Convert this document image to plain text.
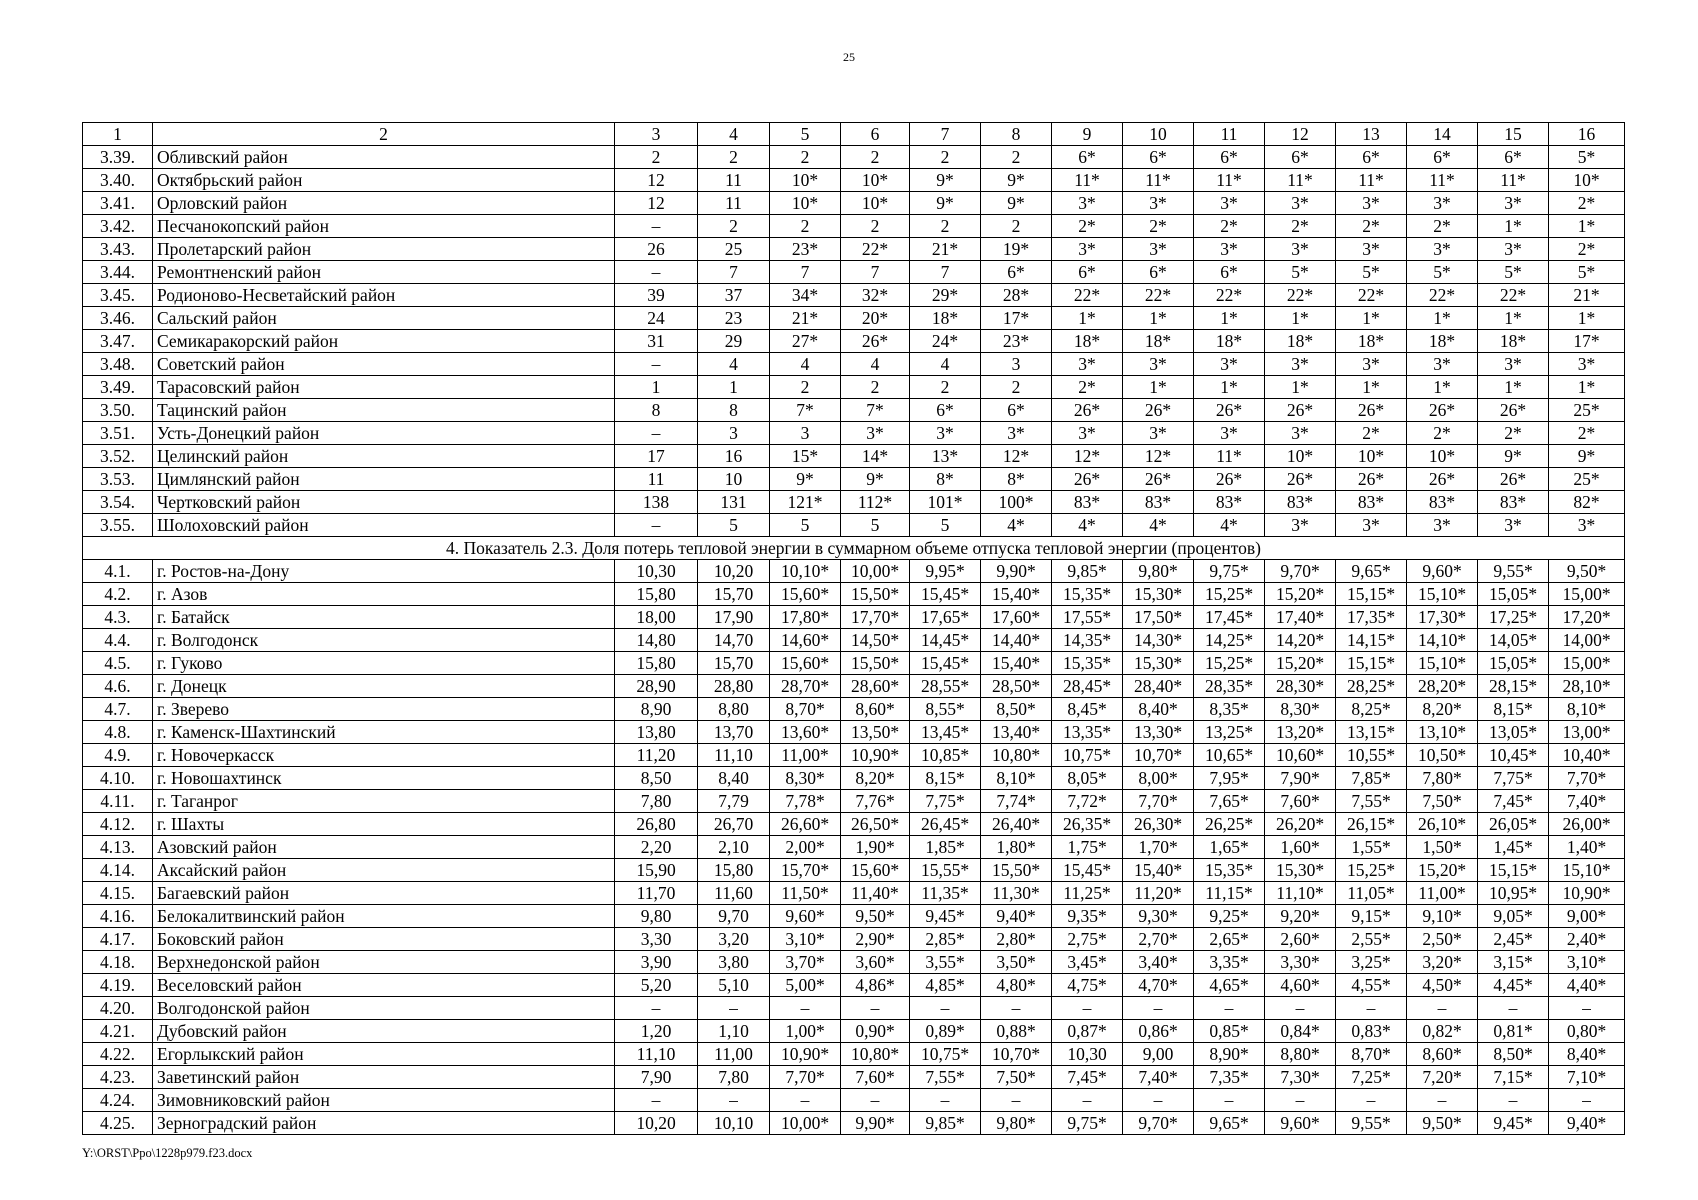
25
1	2	3	4	5	6	7	8	9	10	11	12	13	14	15	16
3.39.	Обливский район	2	2	2	2	2	2	6*	6*	6*	6*	6*	6*	6*	5*
3.40.	Октябрьский район	12	11	10*	10*	9*	9*	11*	11*	11*	11*	11*	11*	11*	10*
3.41.	Орловский район	12	11	10*	10*	9*	9*	3*	3*	3*	3*	3*	3*	3*	2*
3.42.	Песчанокопский район	–	2	2	2	2	2	2*	2*	2*	2*	2*	2*	1*	1*
3.43.	Пролетарский район	26	25	23*	22*	21*	19*	3*	3*	3*	3*	3*	3*	3*	2*
3.44.	Ремонтненский район	–	7	7	7	7	6*	6*	6*	6*	5*	5*	5*	5*	5*
3.45.	Родионово-Несветайский район	39	37	34*	32*	29*	28*	22*	22*	22*	22*	22*	22*	22*	21*
3.46.	Сальский район	24	23	21*	20*	18*	17*	1*	1*	1*	1*	1*	1*	1*	1*
3.47.	Семикаракорский район	31	29	27*	26*	24*	23*	18*	18*	18*	18*	18*	18*	18*	17*
3.48.	Советский район	–	4	4	4	4	3	3*	3*	3*	3*	3*	3*	3*	3*
3.49.	Тарасовский район	1	1	2	2	2	2	2*	1*	1*	1*	1*	1*	1*	1*
3.50.	Тацинский район	8	8	7*	7*	6*	6*	26*	26*	26*	26*	26*	26*	26*	25*
3.51.	Усть-Донецкий район	–	3	3	3*	3*	3*	3*	3*	3*	3*	2*	2*	2*	2*
3.52.	Целинский район	17	16	15*	14*	13*	12*	12*	12*	11*	10*	10*	10*	9*	9*
3.53.	Цимлянский район	11	10	9*	9*	8*	8*	26*	26*	26*	26*	26*	26*	26*	25*
3.54.	Чертковский район	138	131	121*	112*	101*	100*	83*	83*	83*	83*	83*	83*	83*	82*
3.55.	Шолоховский район	–	5	5	5	5	4*	4*	4*	4*	3*	3*	3*	3*	3*
4. Показатель 2.3. Доля потерь тепловой энергии в суммарном объеме отпуска тепловой энергии (процентов)															
4.1.	г. Ростов-на-Дону	10,30	10,20	10,10*	10,00*	9,95*	9,90*	9,85*	9,80*	9,75*	9,70*	9,65*	9,60*	9,55*	9,50*
4.2.	г. Азов	15,80	15,70	15,60*	15,50*	15,45*	15,40*	15,35*	15,30*	15,25*	15,20*	15,15*	15,10*	15,05*	15,00*
4.3.	г. Батайск	18,00	17,90	17,80*	17,70*	17,65*	17,60*	17,55*	17,50*	17,45*	17,40*	17,35*	17,30*	17,25*	17,20*
4.4.	г. Волгодонск	14,80	14,70	14,60*	14,50*	14,45*	14,40*	14,35*	14,30*	14,25*	14,20*	14,15*	14,10*	14,05*	14,00*
4.5.	г. Гуково	15,80	15,70	15,60*	15,50*	15,45*	15,40*	15,35*	15,30*	15,25*	15,20*	15,15*	15,10*	15,05*	15,00*
4.6.	г. Донецк	28,90	28,80	28,70*	28,60*	28,55*	28,50*	28,45*	28,40*	28,35*	28,30*	28,25*	28,20*	28,15*	28,10*
4.7.	г. Зверево	8,90	8,80	8,70*	8,60*	8,55*	8,50*	8,45*	8,40*	8,35*	8,30*	8,25*	8,20*	8,15*	8,10*
4.8.	г. Каменск-Шахтинский	13,80	13,70	13,60*	13,50*	13,45*	13,40*	13,35*	13,30*	13,25*	13,20*	13,15*	13,10*	13,05*	13,00*
4.9.	г. Новочеркасск	11,20	11,10	11,00*	10,90*	10,85*	10,80*	10,75*	10,70*	10,65*	10,60*	10,55*	10,50*	10,45*	10,40*
4.10.	г. Новошахтинск	8,50	8,40	8,30*	8,20*	8,15*	8,10*	8,05*	8,00*	7,95*	7,90*	7,85*	7,80*	7,75*	7,70*
4.11.	г. Таганрог	7,80	7,79	7,78*	7,76*	7,75*	7,74*	7,72*	7,70*	7,65*	7,60*	7,55*	7,50*	7,45*	7,40*
4.12.	г. Шахты	26,80	26,70	26,60*	26,50*	26,45*	26,40*	26,35*	26,30*	26,25*	26,20*	26,15*	26,10*	26,05*	26,00*
4.13.	Азовский район	2,20	2,10	2,00*	1,90*	1,85*	1,80*	1,75*	1,70*	1,65*	1,60*	1,55*	1,50*	1,45*	1,40*
4.14.	Аксайский район	15,90	15,80	15,70*	15,60*	15,55*	15,50*	15,45*	15,40*	15,35*	15,30*	15,25*	15,20*	15,15*	15,10*
4.15.	Багаевский район	11,70	11,60	11,50*	11,40*	11,35*	11,30*	11,25*	11,20*	11,15*	11,10*	11,05*	11,00*	10,95*	10,90*
4.16.	Белокалитвинский район	9,80	9,70	9,60*	9,50*	9,45*	9,40*	9,35*	9,30*	9,25*	9,20*	9,15*	9,10*	9,05*	9,00*
4.17.	Боковский район	3,30	3,20	3,10*	2,90*	2,85*	2,80*	2,75*	2,70*	2,65*	2,60*	2,55*	2,50*	2,45*	2,40*
4.18.	Верхнедонской район	3,90	3,80	3,70*	3,60*	3,55*	3,50*	3,45*	3,40*	3,35*	3,30*	3,25*	3,20*	3,15*	3,10*
4.19.	Веселовский район	5,20	5,10	5,00*	4,86*	4,85*	4,80*	4,75*	4,70*	4,65*	4,60*	4,55*	4,50*	4,45*	4,40*
4.20.	Волгодонской район	–	–	–	–	–	–	–	–	–	–	–	–	–	–
4.21.	Дубовский район	1,20	1,10	1,00*	0,90*	0,89*	0,88*	0,87*	0,86*	0,85*	0,84*	0,83*	0,82*	0,81*	0,80*
4.22.	Егорлыкский район	11,10	11,00	10,90*	10,80*	10,75*	10,70*	10,30	9,00	8,90*	8,80*	8,70*	8,60*	8,50*	8,40*
4.23.	Заветинский район	7,90	7,80	7,70*	7,60*	7,55*	7,50*	7,45*	7,40*	7,35*	7,30*	7,25*	7,20*	7,15*	7,10*
4.24.	Зимовниковский район	–	–	–	–	–	–	–	–	–	–	–	–	–	–
4.25.	Зерноградский район	10,20	10,10	10,00*	9,90*	9,85*	9,80*	9,75*	9,70*	9,65*	9,60*	9,55*	9,50*	9,45*	9,40*
Y:\ORST\Ppo\1228p979.f23.docx
